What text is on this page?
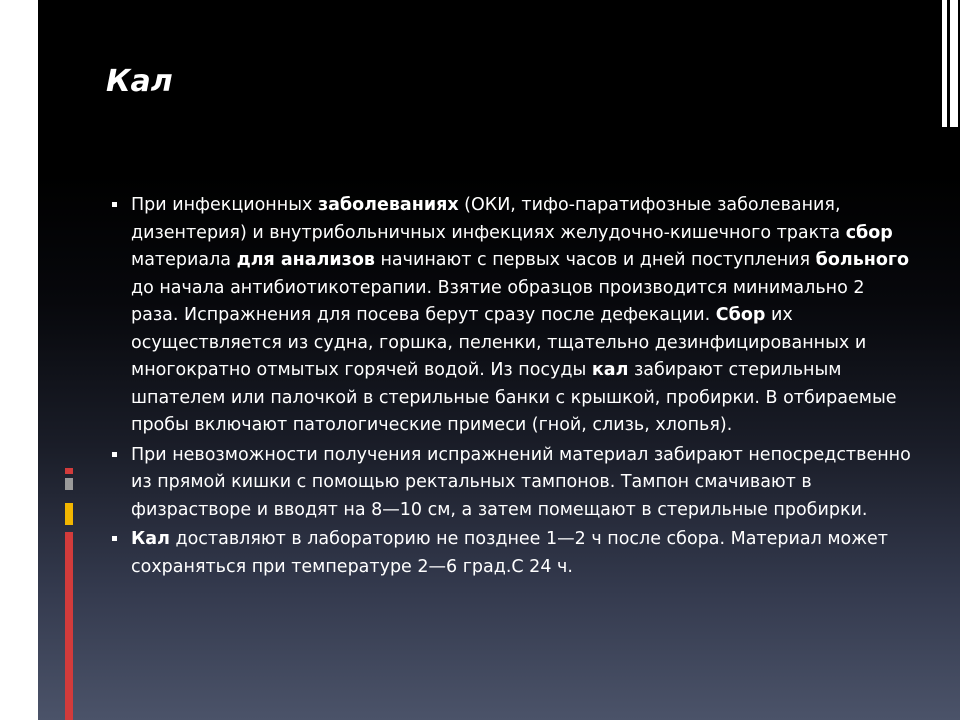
Кал
При инфекционных заболеваниях (ОКИ, тифо-паратифозные заболевания, дизентерия) и внутрибольничных инфекциях желудочно-кишечного тракта сбор материала для анализов начинают с первых часов и дней поступления больного до начала антибиотикотерапии. Взятие образцов производится минимально 2 раза. Испражнения для посева берут сразу после дефекации. Сбор их осуществляется из судна, горшка, пеленки, тщательно дезинфицированных и многократно отмытых горячей водой. Из посуды кал забирают стерильным шпателем или палочкой в стерильные банки с крышкой, пробирки. В отбираемые пробы включают патологические примеси (гной, слизь, хлопья).
При невозможности получения испражнений материал забирают непосредственно из прямой кишки с помощью ректальных тампонов. Тампон смачивают в физрастворе и вводят на 8—10 см, а затем помещают в стерильные пробирки.
Кал доставляют в лабораторию не позднее 1—2 ч после сбора. Материал может сохраняться при температуре 2—6 град.С 24 ч.
